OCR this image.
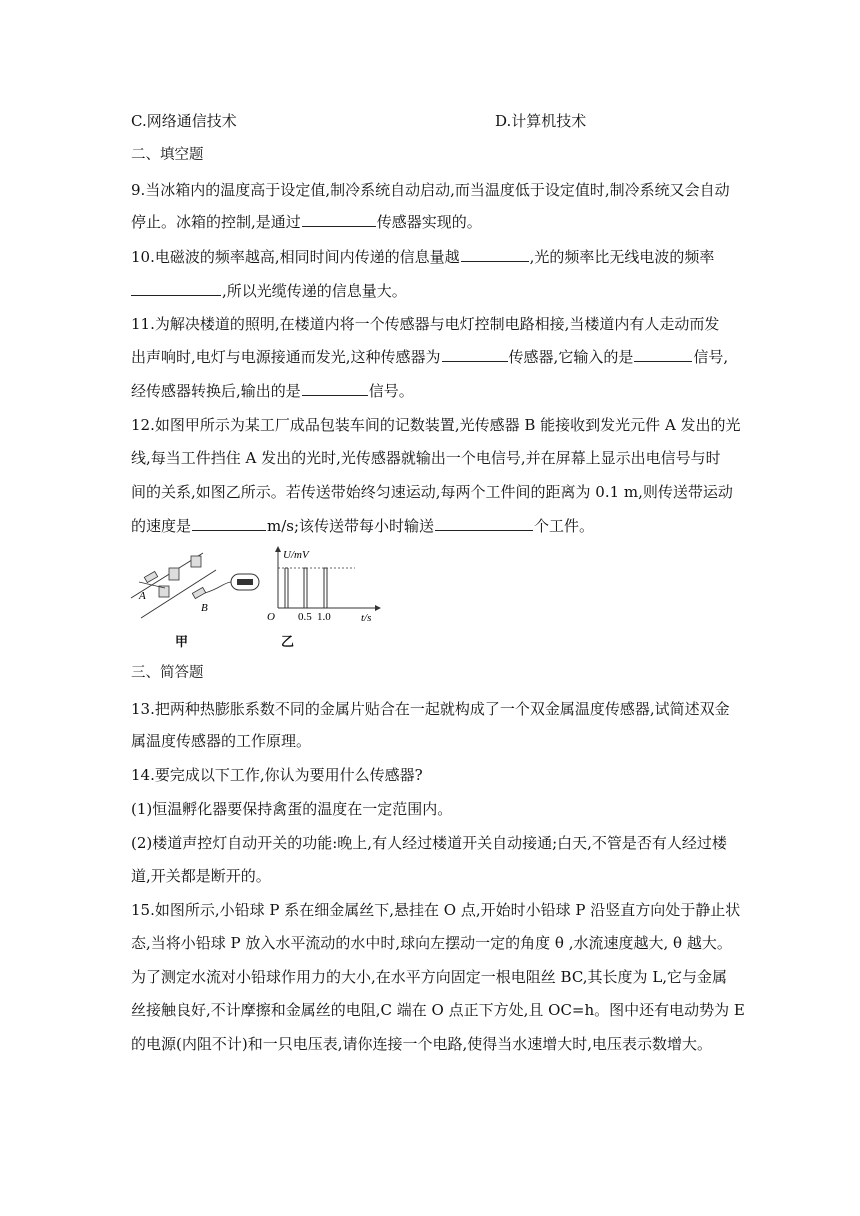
C.网络通信技术	D.计算机技术
二、填空题
9.当冰箱内的温度高于设定值,制冷系统自动启动,而当温度低于设定值时,制冷系统又会自动
停止。冰箱的控制,是通过	传感器实现的。
10.电磁波的频率越高,相同时间内传递的信息量越	,光的频率比无线电波的频率
,所以光缆传递的信息量大。
11.为解决楼道的照明,在楼道内将一个传感器与电灯控制电路相接,当楼道内有人走动而发
出声响时,电灯与电源接通而发光,这种传感器为	传感器,它输入的是	信号,
经传感器转换后,输出的是	信号。
12.如图甲所示为某工厂成品包装车间的记数装置,光传感器 B 能接收到发光元件 A 发出的光
线,每当工件挡住 A 发出的光时,光传感器就输出一个电信号,并在屏幕上显示出电信号与时
间的关系,如图乙所示。若传送带始终匀速运动,每两个工件间的距离为 0.1 m,则传送带运动
的速度是	m/s;该传送带每小时输送	个工件。
A
B
甲
U/mV
O 0.5 1.0	t/s
乙
三、简答题
13.把两种热膨胀系数不同的金属片贴合在一起就构成了一个双金属温度传感器,试简述双金
属温度传感器的工作原理。
14.要完成以下工作,你认为要用什么传感器?
(1)恒温孵化器要保持禽蛋的温度在一定范围内。
(2)楼道声控灯自动开关的功能:晚上,有人经过楼道开关自动接通;白天,不管是否有人经过楼
道,开关都是断开的。
15.如图所示,小铅球 P 系在细金属丝下,悬挂在 O 点,开始时小铅球 P 沿竖直方向处于静止状
态,当将小铅球 P 放入水平流动的水中时,球向左摆动一定的角度 θ ,水流速度越大, θ 越大。
为了测定水流对小铅球作用力的大小,在水平方向固定一根电阻丝 BC,其长度为 L,它与金属
丝接触良好,不计摩擦和金属丝的电阻,C 端在 O 点正下方处,且 OC=h。图中还有电动势为 E
的电源(内阻不计)和一只电压表,请你连接一个电路,使得当水速增大时,电压表示数增大。
